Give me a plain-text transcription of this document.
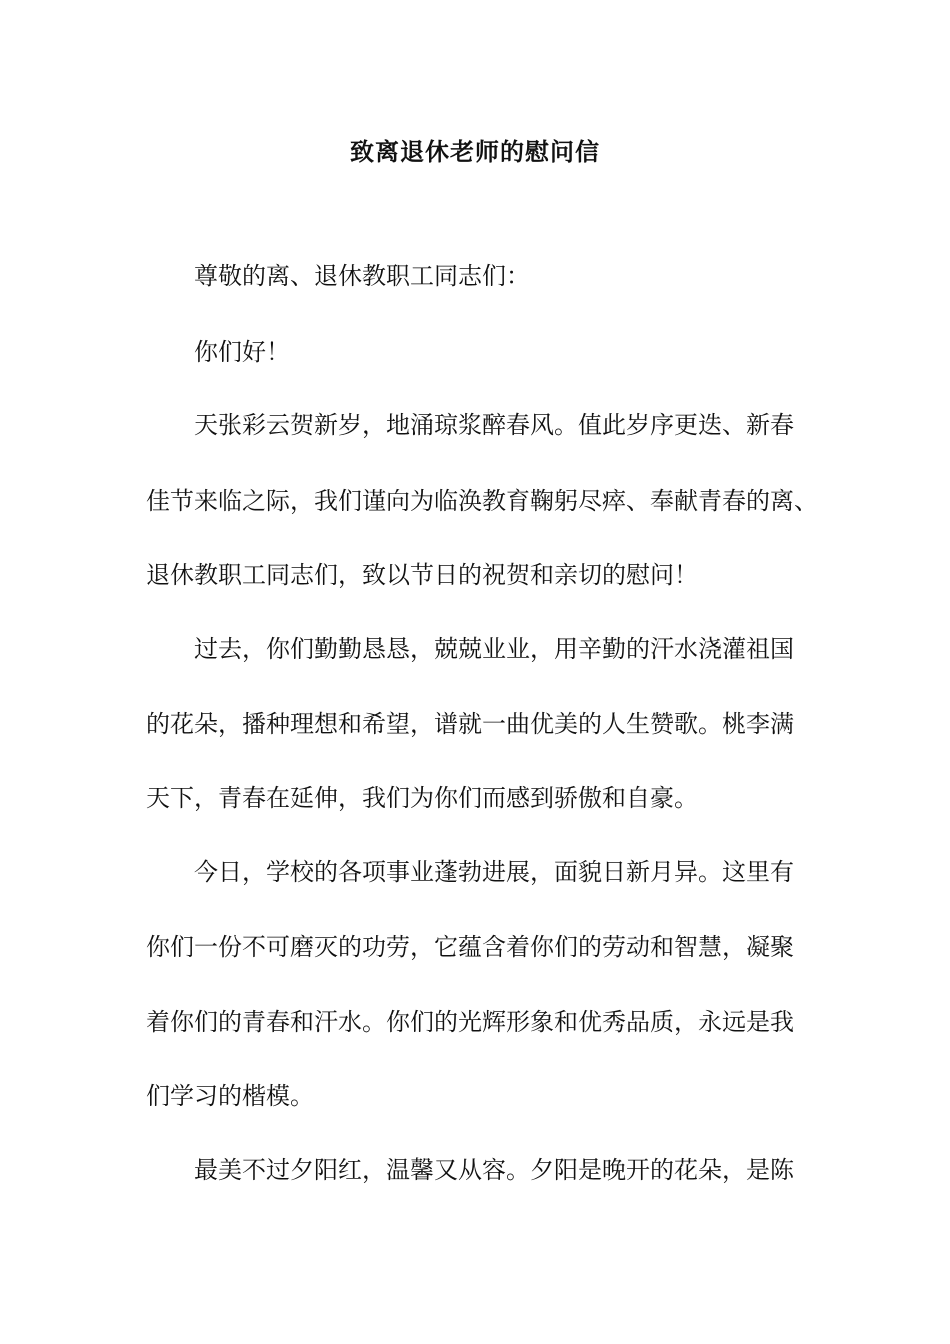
致离退休老师的慰问信
尊敬的离、退休教职工同志们：
你们好！
天张彩云贺新岁，地涌琼浆醉春风。值此岁序更迭、新春
佳节来临之际，我们谨向为临涣教育鞠躬尽瘁、奉献青春的离、
退休教职工同志们，致以节日的祝贺和亲切的慰问！
过去，你们勤勤恳恳，兢兢业业，用辛勤的汗水浇灌祖国
的花朵，播种理想和希望，谱就一曲优美的人生赞歌。桃李满
天下，青春在延伸，我们为你们而感到骄傲和自豪。
今日，学校的各项事业蓬勃进展，面貌日新月异。这里有
你们一份不可磨灭的功劳，它蕴含着你们的劳动和智慧，凝聚
着你们的青春和汗水。你们的光辉形象和优秀品质，永远是我
们学习的楷模。
最美不过夕阳红，温馨又从容。夕阳是晚开的花朵，是陈
